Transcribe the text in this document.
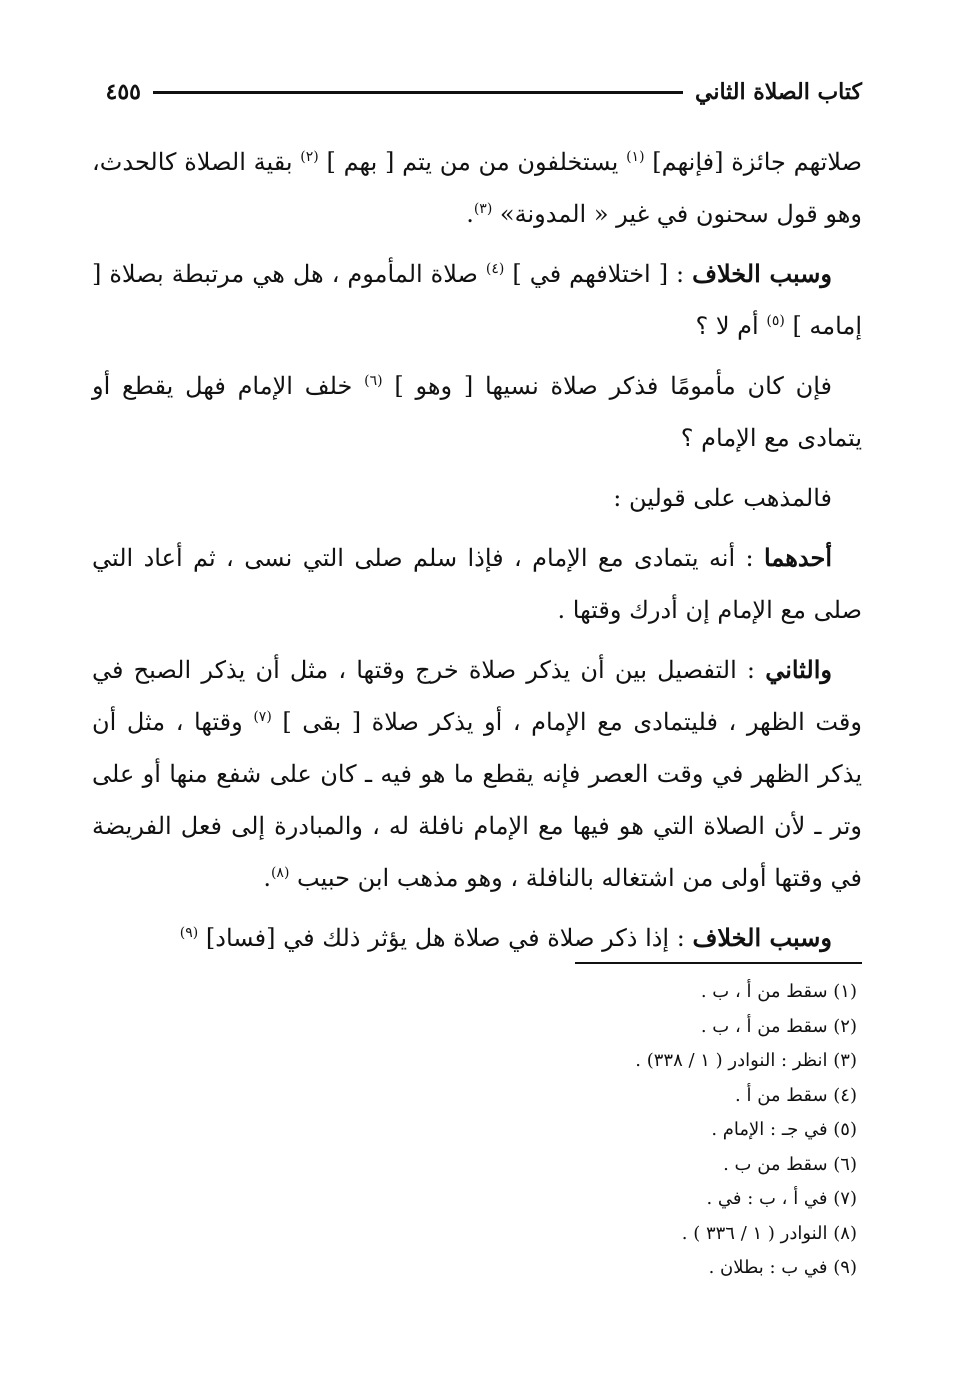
كتاب الصلاة الثاني
٤٥٥

صلاتهم جائزة [فإنهم] $^{(١)}$ يستخلفون من من يتم [ بهم ] $^{(٢)}$ بقية الصلاة كالحدث، وهو قول سحنون في غير « المدونة» $^{(٣)}$.

وسبب الخلاف : [ اختلافهم في ] $^{(٤)}$ صلاة المأموم ، هل هي مرتبطة بصلاة [ إمامه ] $^{(٥)}$ أم لا ؟

فإن كان مأمومًا فذكر صلاة نسيها [ وهو ] $^{(٦)}$ خلف الإمام فهل يقطع أو يتمادى مع الإمام ؟

فالمذهب على قولين :

أحدهما : أنه يتمادى مع الإمام ، فإذا سلم صلى التي نسى ، ثم أعاد التي صلى مع الإمام إن أدرك وقتها .

والثاني : التفصيل بين أن يذكر صلاة خرج وقتها ، مثل أن يذكر الصبح في وقت الظهر ، فليتمادى مع الإمام ، أو يذكر صلاة [ بقى ] $^{(٧)}$ وقتها ، مثل أن يذكر الظهر في وقت العصر فإنه يقطع ما هو فيه ـ كان على شفع منها أو على وتر ـ لأن الصلاة التي هو فيها مع الإمام نافلة له ، والمبادرة إلى فعل الفريضة في وقتها أولى من اشتغاله بالنافلة ، وهو مذهب ابن حبيب $^{(٨)}$.

وسبب الخلاف : إذا ذكر صلاة في صلاة هل يؤثر ذلك في [فساد] $^{(٩)}$

(١) سقط من أ ، ب .
(٢) سقط من أ ، ب .
(٣) انظر : النوادر ( ١ / ٣٣٨) .
(٤) سقط من أ .
(٥) في جـ : الإمام .
(٦) سقط من ب .
(٧) في أ ، ب : في .
(٨) النوادر ( ١ / ٣٣٦ ) .
(٩) في ب : بطلان .
